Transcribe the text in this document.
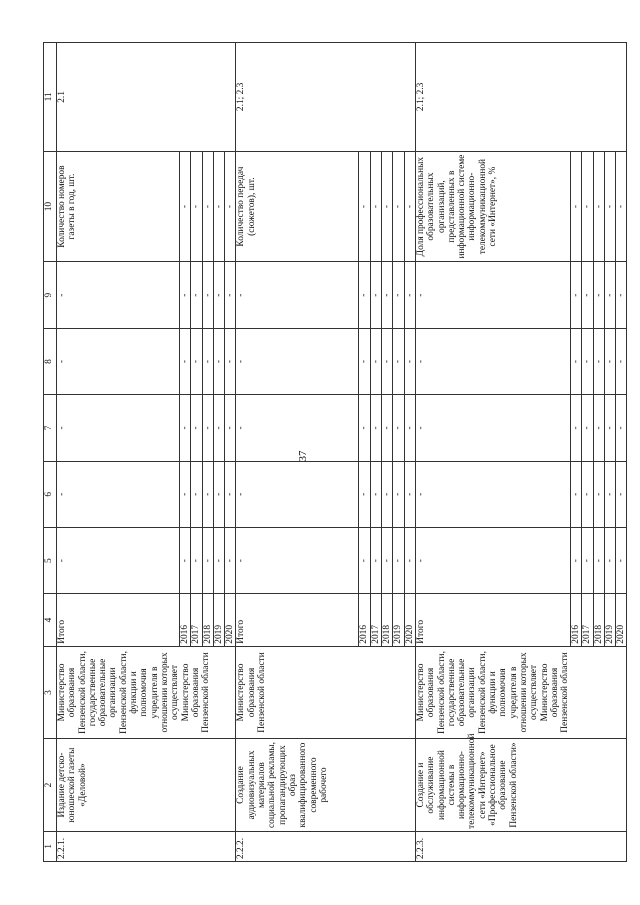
37
1	2	3	4	5	6	7	8	9	10	11
2.2.1.	Издание детско-юношеской газеты «Деловой»	Министерство образования Пензенской области, государственные образовательные организации Пензенской области, функции и полномочия учредителя в отношении которых осуществляет Министерство образования Пензенской области	Итого	-	-	-	-	-	Количество номеров газеты в год, шт.	2.1
			2016	-	-	-	-	-	-	
			2017	-	-	-	-	-	-	
			2018	-	-	-	-	-	-	
			2019	-	-	-	-	-	-	
			2020	-	-	-	-	-	-	
2.2.2.	Создание аудиовизуальных материалов социальной рекламы, пропагандирующих образ квалифицированного современного рабочего	Министерство образования Пензенской области	Итого	-	-	-	-	-	Количество передач (сюжетов), шт.	2.1; 2.3
			2016	-	-	-	-	-	-	
			2017	-	-	-	-	-	-	
			2018	-	-	-	-	-	-	
			2019	-	-	-	-	-	-	
			2020	-	-	-	-	-	-	
2.2.3.	Создание и обслуживание информационной системы в информационно-телекоммуникационной сети «Интернет» «Профессиональное образование Пензенской области»	Министерство образования Пензенской области, государственные образовательные организации Пензенской области, функции и полномочия учредителя в отношении которых осуществляет Министерство образования Пензенской области	Итого	-	-	-	-	-	Доля профессиональных образовательных организаций, представленных в информационной системе информационно-телекоммуникационной сети «Интернет», %	2.1; 2.3
			2016	-	-	-	-	-	-	
			2017	-	-	-	-	-	-	
			2018	-	-	-	-	-	-	
			2019	-	-	-	-	-	-	
			2020	-	-	-	-	-	-	
